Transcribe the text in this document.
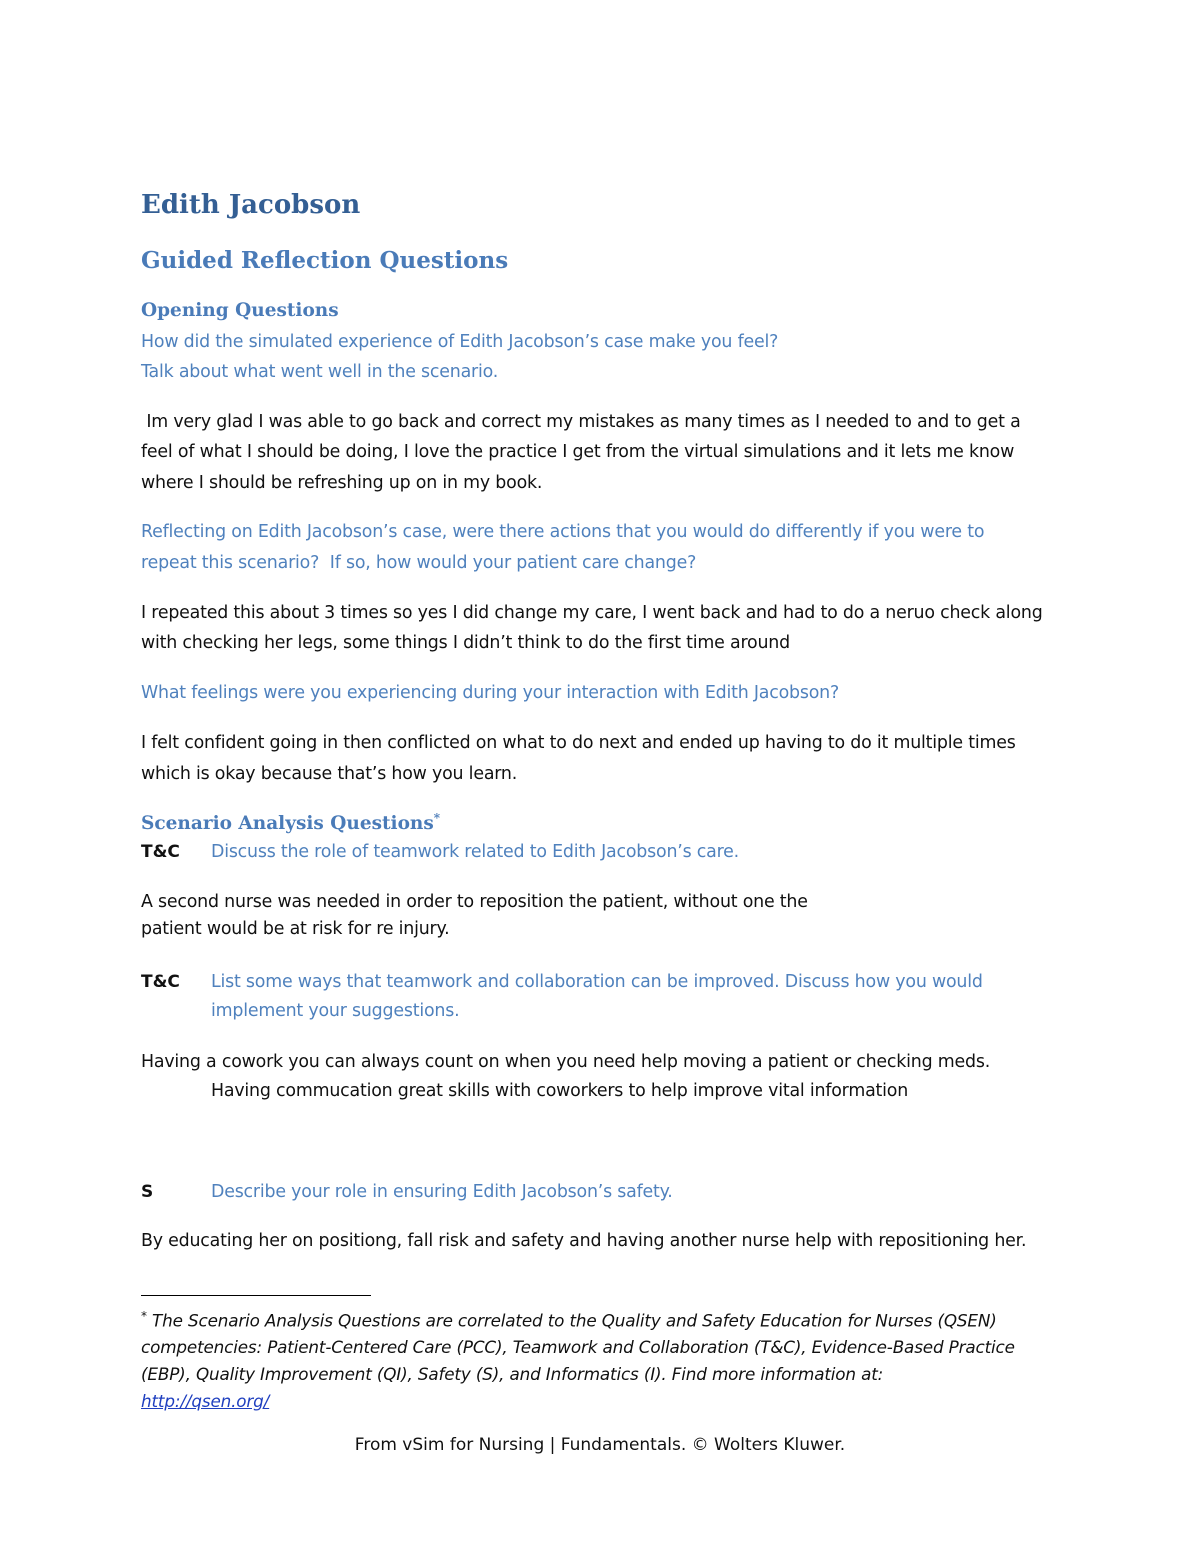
Edith Jacobson
Guided Reflection Questions
Opening Questions
How did the simulated experience of Edith Jacobson’s case make you feel?
Talk about what went well in the scenario.
Im very glad I was able to go back and correct my mistakes as many times as I needed to and to get a
feel of what I should be doing, I love the practice I get from the virtual simulations and it lets me know
where I should be refreshing up on in my book.
Reflecting on Edith Jacobson’s case, were there actions that you would do differently if you were to
repeat this scenario?  If so, how would your patient care change?
I repeated this about 3 times so yes I did change my care, I went back and had to do a neruo check along
with checking her legs, some things I didn’t think to do the first time around
What feelings were you experiencing during your interaction with Edith Jacobson?
I felt confident going in then conflicted on what to do next and ended up having to do it multiple times
which is okay because that’s how you learn.
Scenario Analysis Questions*
T&C Discuss the role of teamwork related to Edith Jacobson’s care.
A second nurse was needed in order to reposition the patient, without one the
patient would be at risk for re injury.
T&C List some ways that teamwork and collaboration can be improved. Discuss how you would
implement your suggestions.
Having a cowork you can always count on when you need help moving a patient or checking meds.
Having commucation great skills with coworkers to help improve vital information
S	Describe your role in ensuring Edith Jacobson’s safety.
By educating her on positiong, fall risk and safety and having another nurse help with repositioning her.
* The Scenario Analysis Questions are correlated to the Quality and Safety Education for Nurses (QSEN)
competencies: Patient-Centered Care (PCC), Teamwork and Collaboration (T&C), Evidence-Based Practice
(EBP), Quality Improvement (QI), Safety (S), and Informatics (I). Find more information at:
http://qsen.org/
From vSim for Nursing | Fundamentals. © Wolters Kluwer.
